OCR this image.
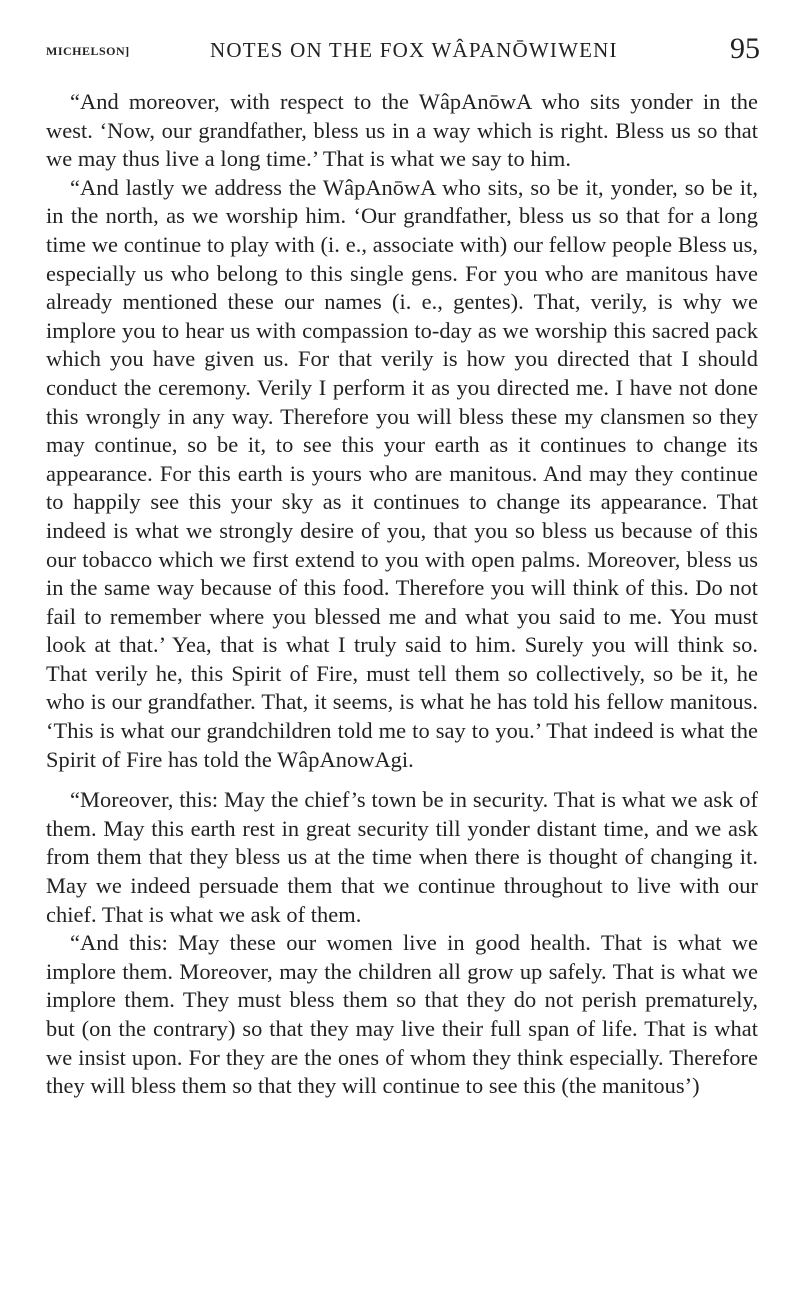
MICHELSON]	NOTES ON THE FOX WÂPANŌWIWENI	95

“And moreover, with respect to the WâpAnōwA who sits yonder in the west. ‘Now, our grandfather, bless us in a way which is right. Bless us so that we may thus live a long time.’ That is what we say to him.

“And lastly we address the WâpAnōwA who sits, so be it, yonder, so be it, in the north, as we worship him. ‘Our grandfather, bless us so that for a long time we continue to play with (i. e., associate with) our fellow people Bless us, especially us who belong to this single gens. For you who are manitous have already mentioned these our names (i. e., gentes). That, verily, is why we implore you to hear us with compassion to-day as we worship this sacred pack which you have given us. For that verily is how you directed that I should conduct the ceremony. Verily I perform it as you directed me. I have not done this wrongly in any way. Therefore you will bless these my clansmen so they may continue, so be it, to see this your earth as it continues to change its appearance. For this earth is yours who are manitous. And may they continue to happily see this your sky as it continues to change its appearance. That indeed is what we strongly desire of you, that you so bless us because of this our tobacco which we first extend to you with open palms. Moreover, bless us in the same way because of this food. Therefore you will think of this. Do not fail to remember where you blessed me and what you said to me. You must look at that.’ Yea, that is what I truly said to him. Surely you will think so. That verily he, this Spirit of Fire, must tell them so collectively, so be it, he who is our grandfather. That, it seems, is what he has told his fellow manitous. ‘This is what our grandchildren told me to say to you.’ That indeed is what the Spirit of Fire has told the WâpAnowAgi.

“Moreover, this: May the chief’s town be in security. That is what we ask of them. May this earth rest in great security till yonder distant time, and we ask from them that they bless us at the time when there is thought of changing it. May we indeed persuade them that we continue throughout to live with our chief. That is what we ask of them.

“And this: May these our women live in good health. That is what we implore them. Moreover, may the children all grow up safely. That is what we implore them. They must bless them so that they do not perish prematurely, but (on the contrary) so that they may live their full span of life. That is what we insist upon. For they are the ones of whom they think especially. Therefore they will bless them so that they will continue to see this (the manitous’)
